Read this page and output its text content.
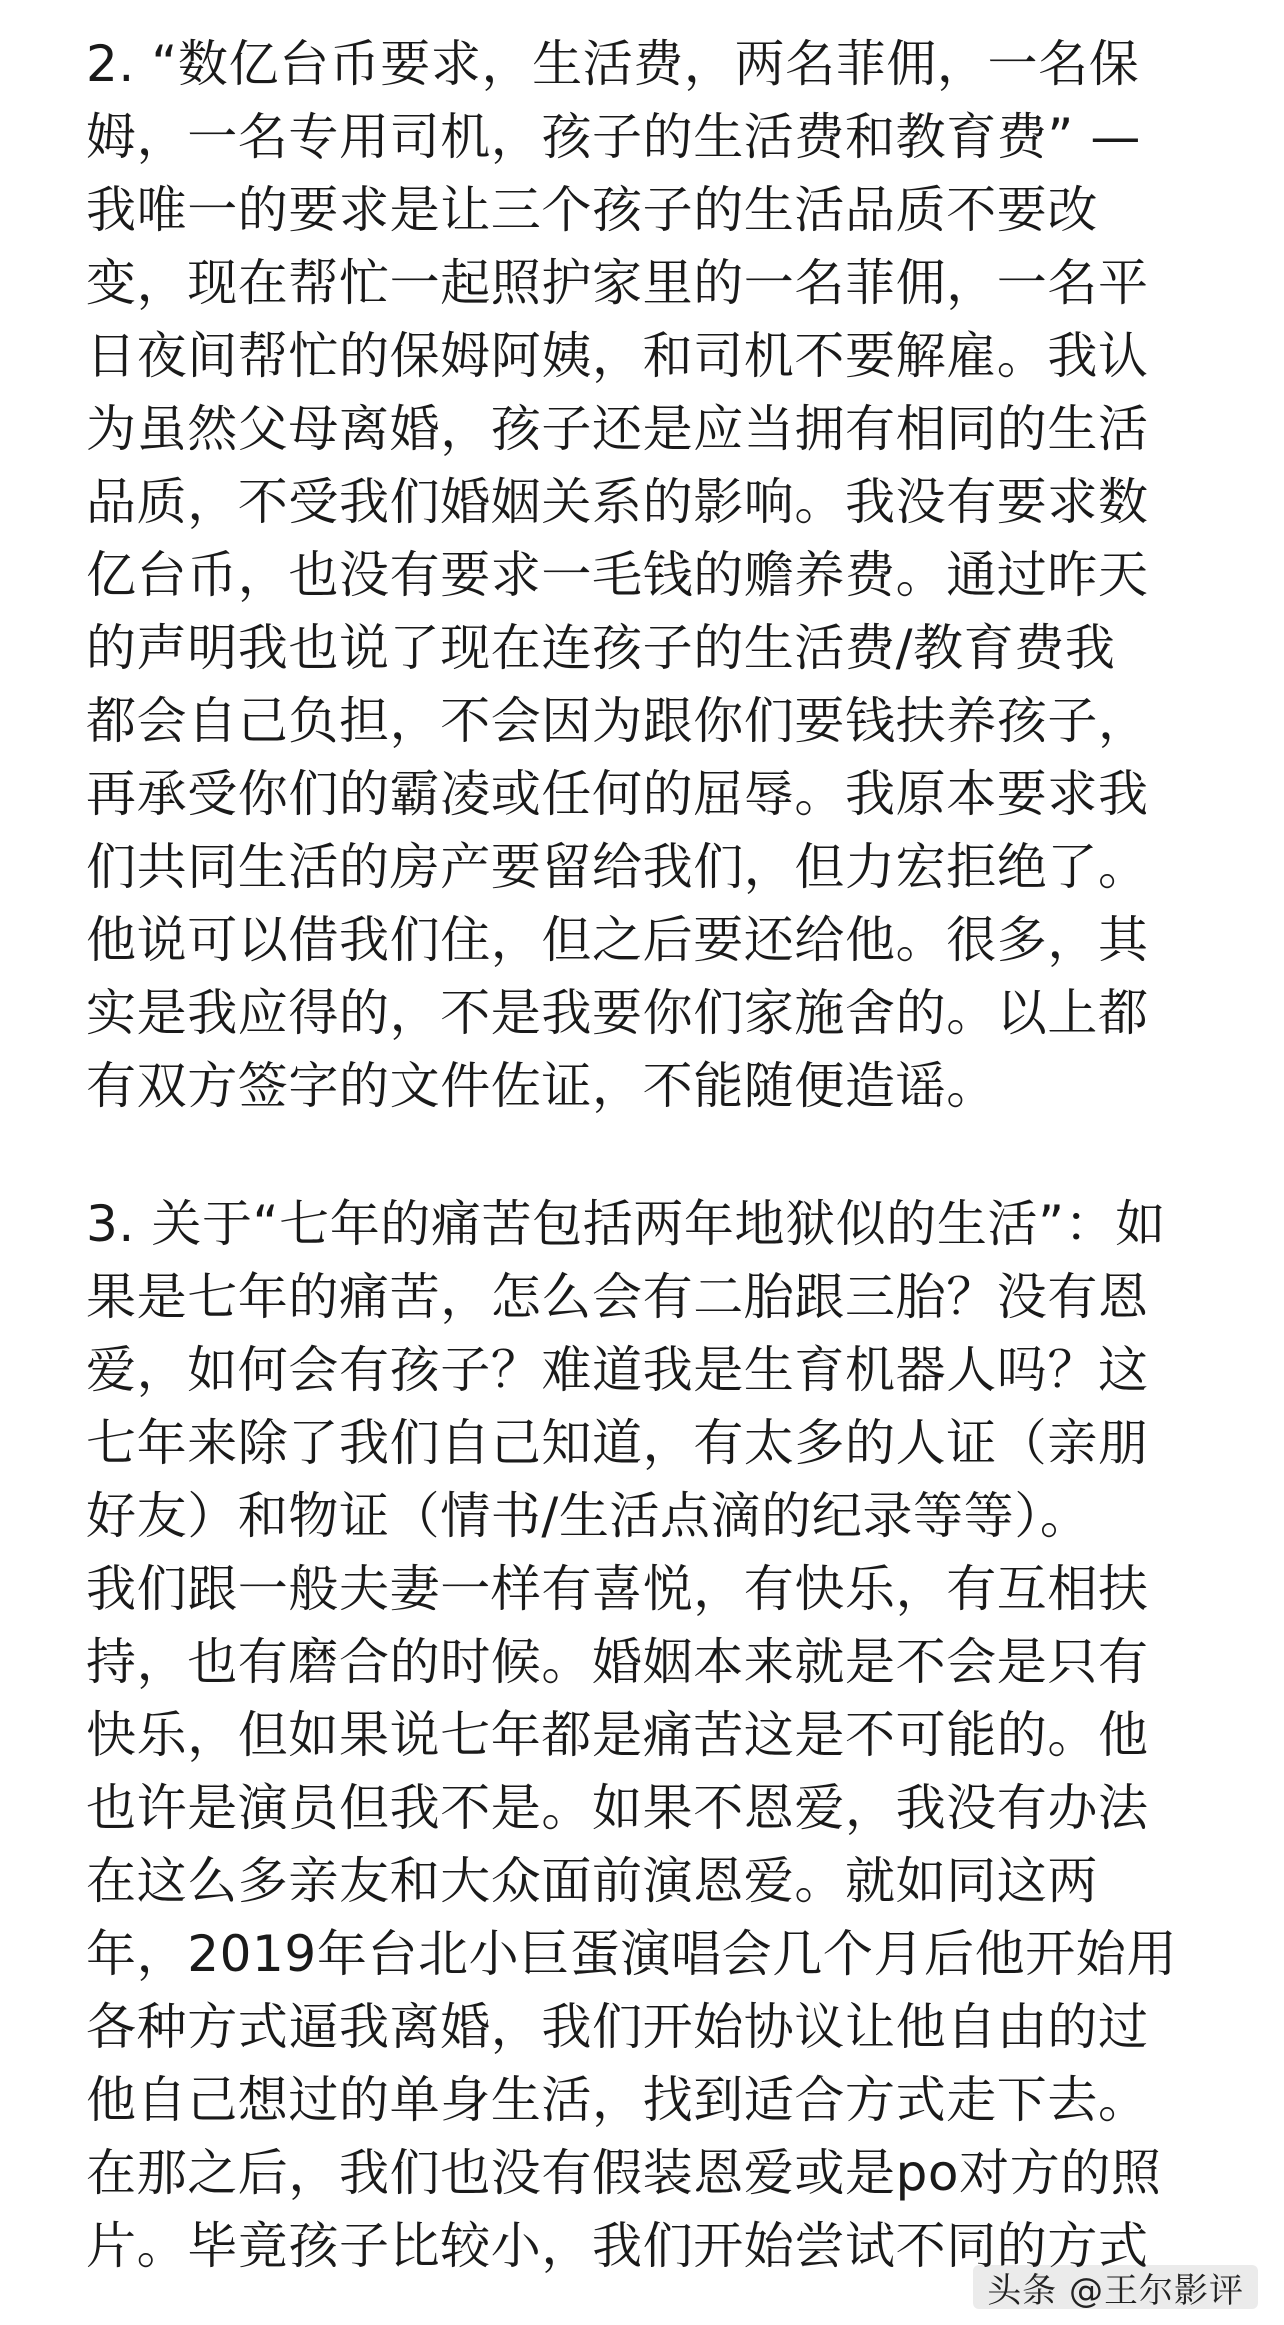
2. “数亿台币要求，生活费，两名菲佣，一名保
姆，一名专用司机，孩子的生活费和教育费” —
我唯一的要求是让三个孩子的生活品质不要改
变，现在帮忙一起照护家里的一名菲佣，一名平
日夜间帮忙的保姆阿姨，和司机不要解雇。我认
为虽然父母离婚，孩子还是应当拥有相同的生活
品质，不受我们婚姻关系的影响。我没有要求数
亿台币，也没有要求一毛钱的赡养费。通过昨天
的声明我也说了现在连孩子的生活费/教育费我
都会自己负担，不会因为跟你们要钱扶养孩子，
再承受你们的霸凌或任何的屈辱。我原本要求我
们共同生活的房产要留给我们，但力宏拒绝了。
他说可以借我们住，但之后要还给他。很多，其
实是我应得的，不是我要你们家施舍的。以上都
有双方签字的文件佐证，不能随便造谣。
3. 关于“七年的痛苦包括两年地狱似的生活”：如
果是七年的痛苦，怎么会有二胎跟三胎？没有恩
爱，如何会有孩子？难道我是生育机器人吗？这
七年来除了我们自己知道，有太多的人证（亲朋
好友）和物证（情书/生活点滴的纪录等等）。
我们跟一般夫妻一样有喜悦，有快乐，有互相扶
持，也有磨合的时候。婚姻本来就是不会是只有
快乐，但如果说七年都是痛苦这是不可能的。他
也许是演员但我不是。如果不恩爱，我没有办法
在这么多亲友和大众面前演恩爱。就如同这两
年，2019年台北小巨蛋演唱会几个月后他开始用
各种方式逼我离婚，我们开始协议让他自由的过
他自己想过的单身生活，找到适合方式走下去。
在那之后，我们也没有假装恩爱或是po对方的照
片。毕竟孩子比较小，我们开始尝试不同的方式
头条 @王尔影评
